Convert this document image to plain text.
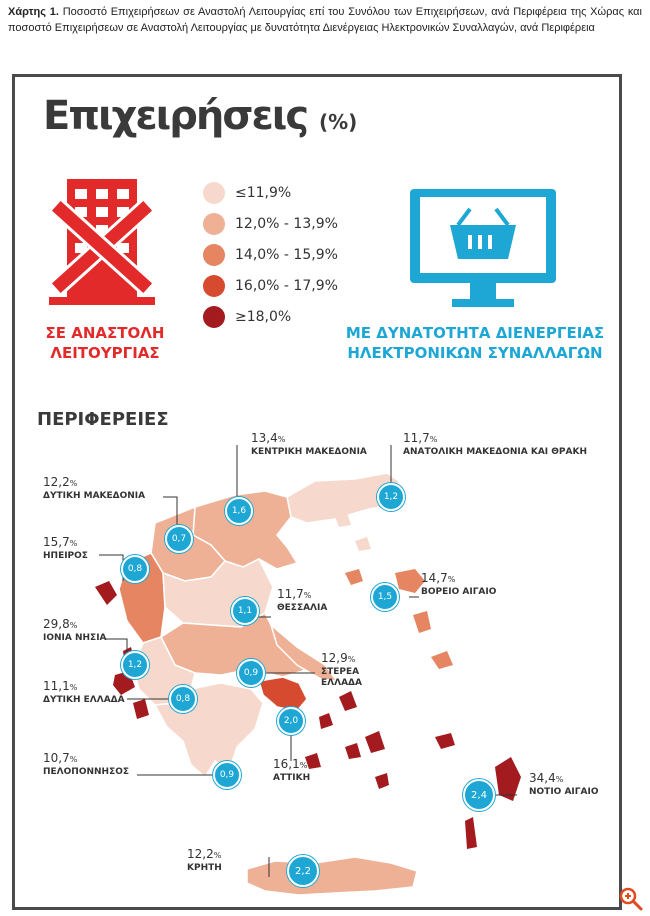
Χάρτης 1. Ποσοστό Επιχειρήσεων σε Αναστολή Λειτουργίας επί του Συνόλου των Επιχειρήσεων, ανά Περιφέρεια της Χώρας και ποσοστό Επιχειρήσεων σε Αναστολή Λειτουργίας με δυνατότητα Διενέργειας Ηλεκτρονικών Συναλλαγών, ανά Περιφέρεια
Επιχειρήσεις (%)
≤11,9%
12,0% - 13,9%
14,0% - 15,9%
16,0% - 17,9%
≥18,0%
ΣΕ ΑΝΑΣΤΟΛΗ
ΛΕΙΤΟΥΡΓΙΑΣ
ΜΕ ΔΥΝΑΤΟΤΗΤΑ ΔΙΕΝΕΡΓΕΙΑΣ
ΗΛΕΚΤΡΟΝΙΚΩΝ ΣΥΝΑΛΛΑΓΩΝ
ΠΕΡΙΦΕΡΕΙΕΣ
13,4%
ΚΕΝΤΡΙΚΗ ΜΑΚΕΔΟΝΙΑ
1,6
11,7%
ΑΝΑΤΟΛΙΚΗ ΜΑΚΕΔΟΝΙΑ ΚΑΙ ΘΡΑΚΗ
1,2
12,2%
ΔΥΤΙΚΗ ΜΑΚΕΔΟΝΙΑ
0,7
15,7%
ΗΠΕΙΡΟΣ
0,8
11,7%
ΘΕΣΣΑΛΙΑ
1,1
14,7%
ΒΟΡΕΙΟ ΑΙΓΑΙΟ
1,5
29,8%
ΙΟΝΙΑ ΝΗΣΙΑ
1,2	12,9%
ΣΤΕΡΕΑ
ΕΛΛΑΔΑ
0,9
11,1%
ΔΥΤΙΚΗ ΕΛΛΑΔΑ	0,8
2,0
16,1%
ΑΤΤΙΚΗ
10,7%
ΠΕΛΟΠΟΝΝΗΣΟΣ	0,9
2,4
34,4%
ΝΟΤΙΟ ΑΙΓΑΙΟ
12,2%
ΚΡΗΤΗ	2,2
